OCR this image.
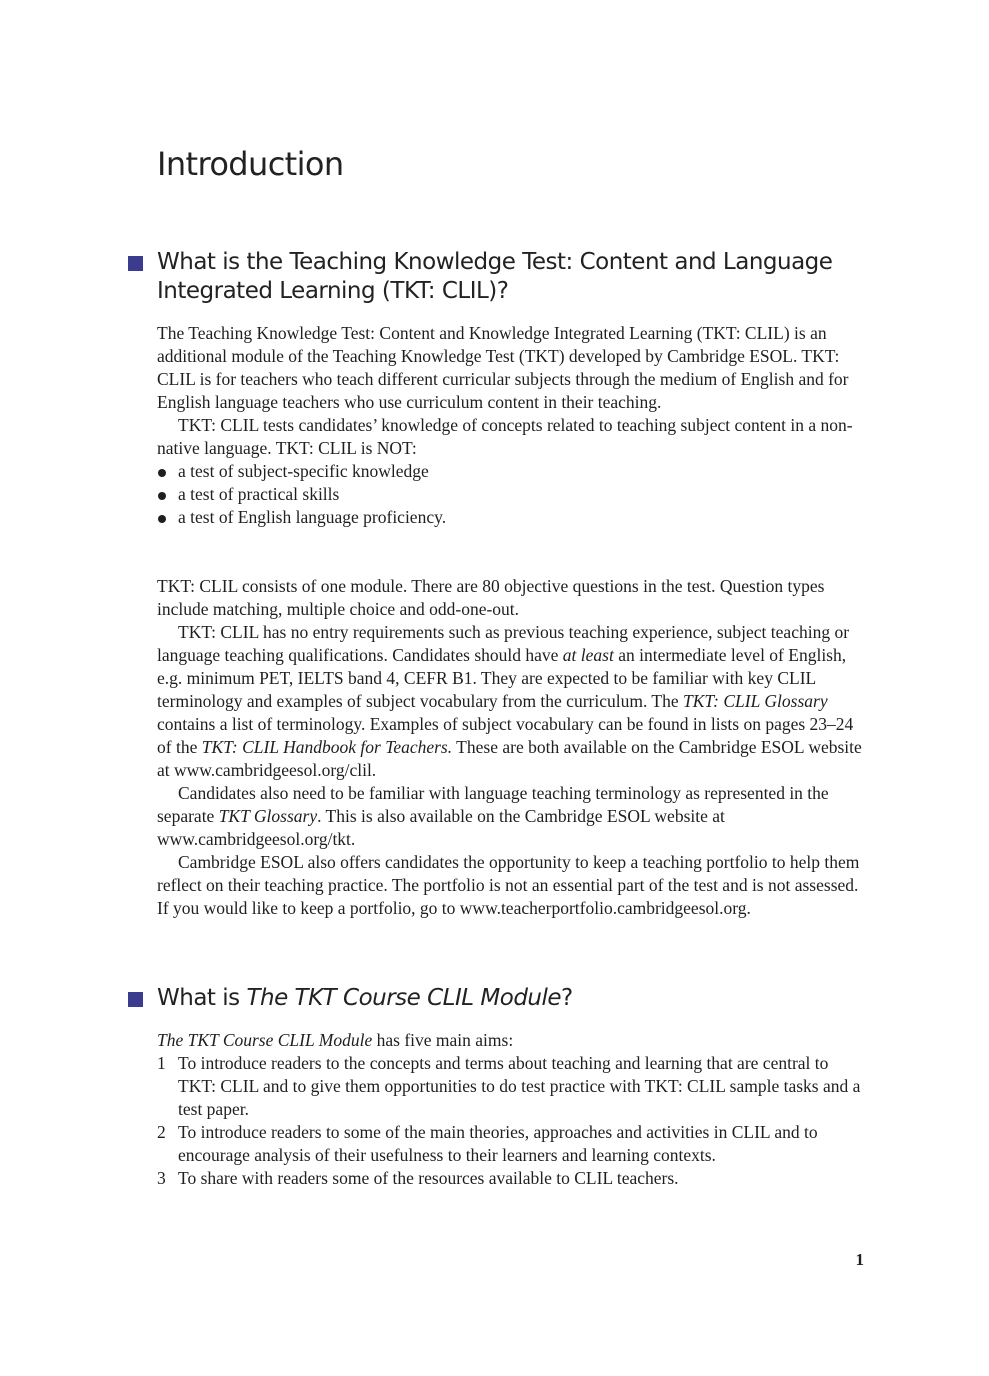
Introduction
What is the Teaching Knowledge Test: Content and Language
Integrated Learning (TKT: CLIL)?

The Teaching Knowledge Test: Content and Knowledge Integrated Learning (TKT: CLIL) is an additional module of the Teaching Knowledge Test (TKT) developed by Cambridge ESOL. TKT: CLIL is for teachers who teach different curricular subjects through the medium of English and for English language teachers who use curriculum content in their teaching.

TKT: CLIL tests candidates’ knowledge of concepts related to teaching subject content in a non-native language. TKT: CLIL is NOT:

a test of subject-specific knowledge
a test of practical skills
a test of English language proficiency.

TKT: CLIL consists of one module. There are 80 objective questions in the test. Question types include matching, multiple choice and odd-one-out.

TKT: CLIL has no entry requirements such as previous teaching experience, subject teaching or language teaching qualifications. Candidates should have at least an intermediate level of English, e.g. minimum PET, IELTS band 4, CEFR B1. They are expected to be familiar with key CLIL terminology and examples of subject vocabulary from the curriculum. The TKT: CLIL Glossary contains a list of terminology. Examples of subject vocabulary can be found in lists on pages 23–24 of the TKT: CLIL Handbook for Teachers. These are both available on the Cambridge ESOL website at www.cambridgeesol.org/clil.

Candidates also need to be familiar with language teaching terminology as represented in the separate TKT Glossary. This is also available on the Cambridge ESOL website at www.cambridgeesol.org/tkt.

Cambridge ESOL also offers candidates the opportunity to keep a teaching portfolio to help them reflect on their teaching practice. The portfolio is not an essential part of the test and is not assessed. If you would like to keep a portfolio, go to www.teacherportfolio.cambridgeesol.org.

What is The TKT Course CLIL Module?

The TKT Course CLIL Module has five main aims:

1 To introduce readers to the concepts and terms about teaching and learning that are central to TKT: CLIL and to give them opportunities to do test practice with TKT: CLIL sample tasks and a test paper.
2 To introduce readers to some of the main theories, approaches and activities in CLIL and to encourage analysis of their usefulness to their learners and learning contexts.
3 To share with readers some of the resources available to CLIL teachers.
1
